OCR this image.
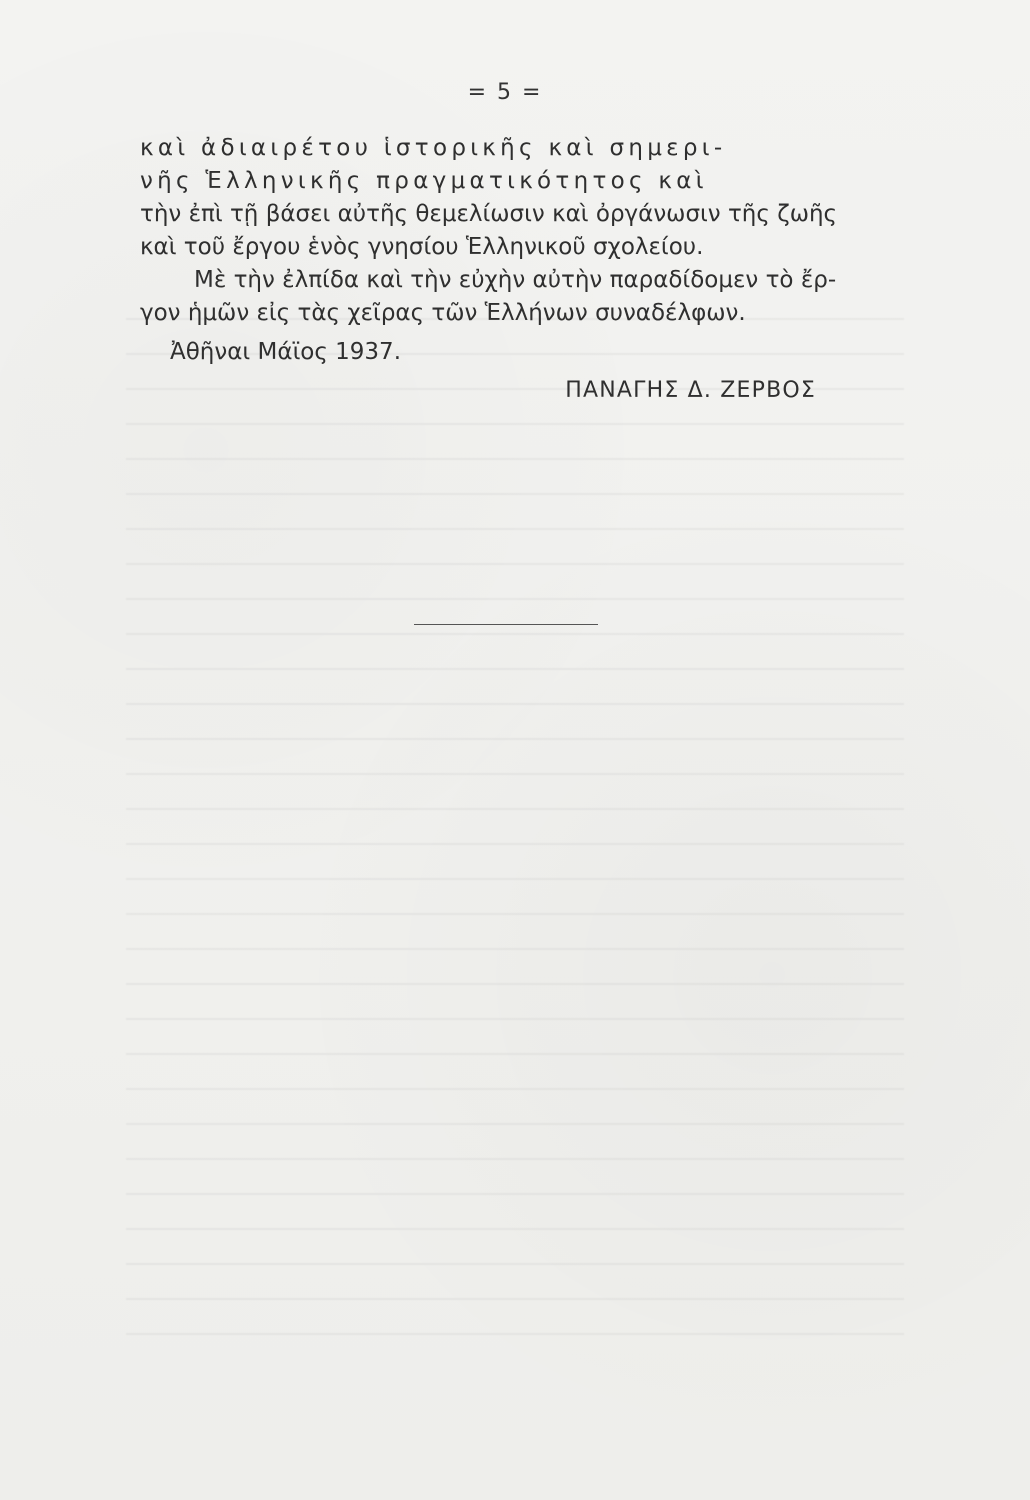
= 5 =
καὶ ἀδιαιρέτου ἱστορικῆς καὶ σημερι-
νῆς Ἑλληνικῆς πραγματικότητος καὶ
τὴν ἐπὶ τῇ βάσει αὐτῆς θεμελίωσιν καὶ ὀργάνωσιν τῆς ζωῆς
καὶ τοῦ ἔργου ἑνὸς γνησίου Ἑλληνικοῦ σχολείου.
Μὲ τὴν ἐλπίδα καὶ τὴν εὐχὴν αὐτὴν παραδίδομεν τὸ ἔρ-
γον ἡμῶν εἰς τὰς χεῖρας τῶν Ἑλλήνων συναδέλφων.
Ἀθῆναι Μάϊος 1937.
ΠΑΝΑΓΗΣ Δ. ΖΕΡΒΟΣ
